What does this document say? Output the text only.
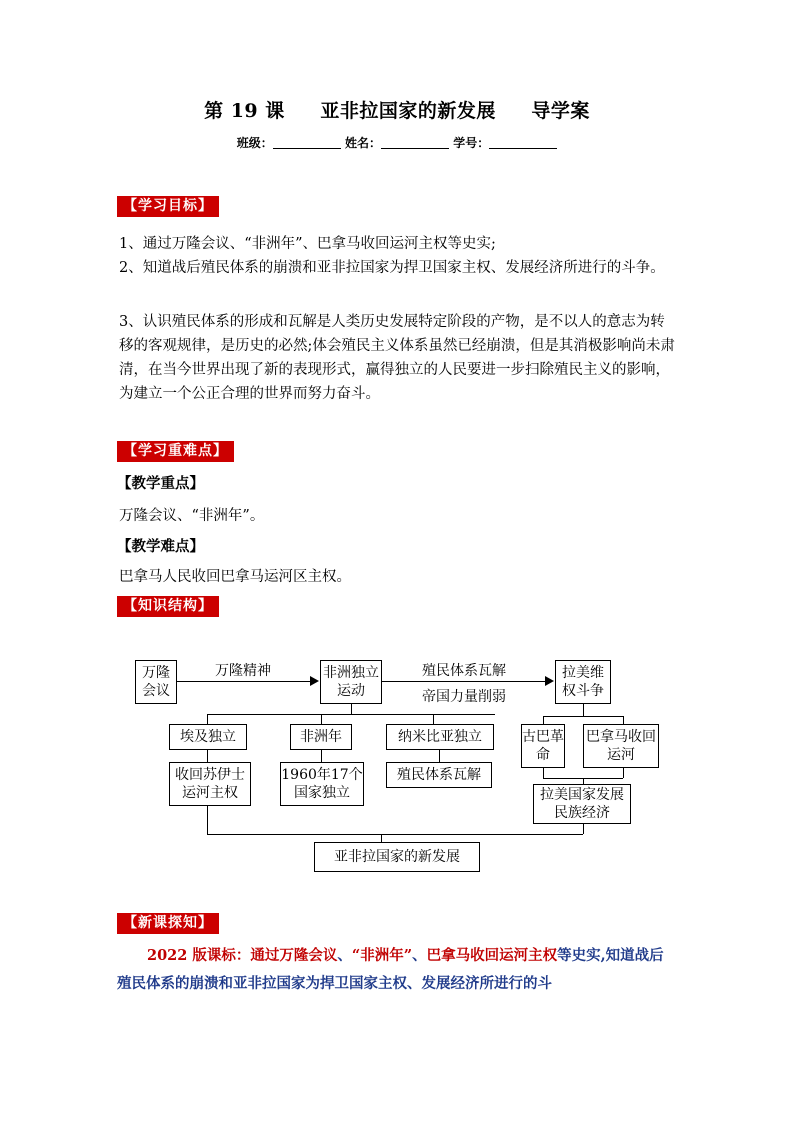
第 19 课     亚非拉国家的新发展     导学案
班级：	姓名：	学号：
【学习目标】
1、通过万隆会议、“非洲年”、巴拿马收回运河主权等史实;
2、知道战后殖民体系的崩溃和亚非拉国家为捍卫国家主权、发展经济所进行的斗争。
3、认识殖民体系的形成和瓦解是人类历史发展特定阶段的产物，是不以人的意志为转移的客观规律，是历史的必然;体会殖民主义体系虽然已经崩溃，但是其消极影响尚未肃清，在当今世界出现了新的表现形式，赢得独立的人民要进一步扫除殖民主义的影响，为建立一个公正合理的世界而努力奋斗。
【学习重难点】
【教学重点】
万隆会议、“非洲年”。
【教学难点】
巴拿马人民收回巴拿马运河区主权。
【知识结构】
万隆会议
万隆精神	非洲独立运动
殖民体系瓦解
帝国力量削弱
拉美维权斗争
埃及独立	非洲年	纳米比亚独立
收回苏伊士运河主权
1960年17个国家独立
殖民体系瓦解
古巴革命
巴拿马收回运河
拉美国家发展民族经济
亚非拉国家的新发展
【新课探知】
2022 版课标：通过万隆会议、“非洲年”、巴拿马收回运河主权等史实,知道战后殖民体系的崩溃和亚非拉国家为捍卫国家主权、发展经济所进行的斗
